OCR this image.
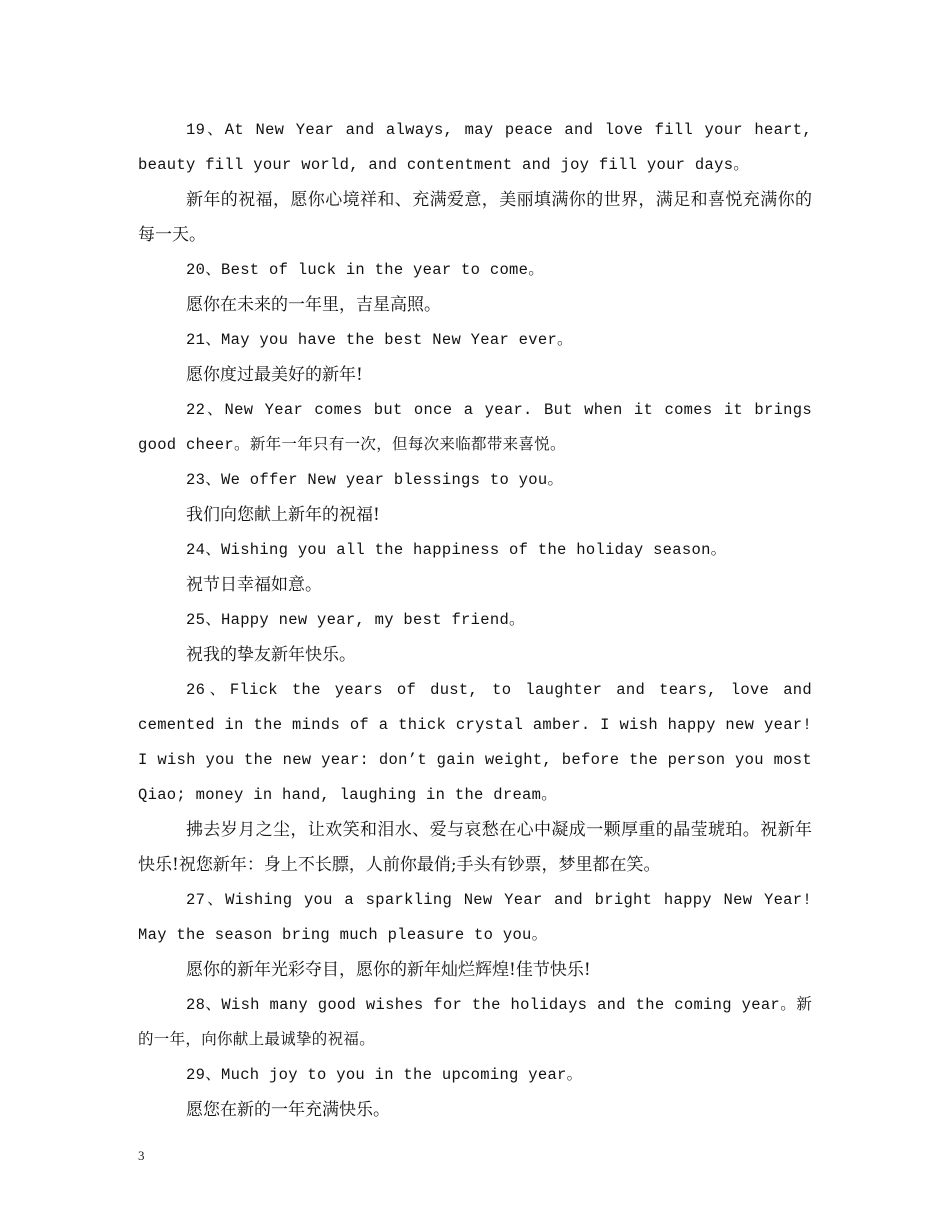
19、At New Year and always, may peace and love fill your heart, beauty fill your world, and contentment and joy fill your days。

新年的祝福，愿你心境祥和、充满爱意，美丽填满你的世界，满足和喜悦充满你的每一天。

20、Best of luck in the year to come。

愿你在未来的一年里，吉星高照。

21、May you have the best New Year ever。

愿你度过最美好的新年!

22、New Year comes but once a year. But when it comes it brings good cheer。新年一年只有一次，但每次来临都带来喜悦。

23、We offer New year blessings to you。

我们向您献上新年的祝福!

24、Wishing you all the happiness of the holiday season。

祝节日幸福如意。

25、Happy new year, my best friend。

祝我的挚友新年快乐。

26、Flick the years of dust, to laughter and tears, love and cemented in the minds of a thick crystal amber. I wish happy new year! I wish you the new year: don’t gain weight, before the person you most Qiao; money in hand, laughing in the dream。

拂去岁月之尘，让欢笑和泪水、爱与哀愁在心中凝成一颗厚重的晶莹琥珀。祝新年快乐!祝您新年：身上不长膘，人前你最俏;手头有钞票，梦里都在笑。

27、Wishing you a sparkling New Year and bright happy New Year! May the season bring much pleasure to you。

愿你的新年光彩夺目，愿你的新年灿烂辉煌!佳节快乐!

28、Wish many good wishes for the holidays and the coming year。新的一年，向你献上最诚挚的祝福。

29、Much joy to you in the upcoming year。

愿您在新的一年充满快乐。

3
